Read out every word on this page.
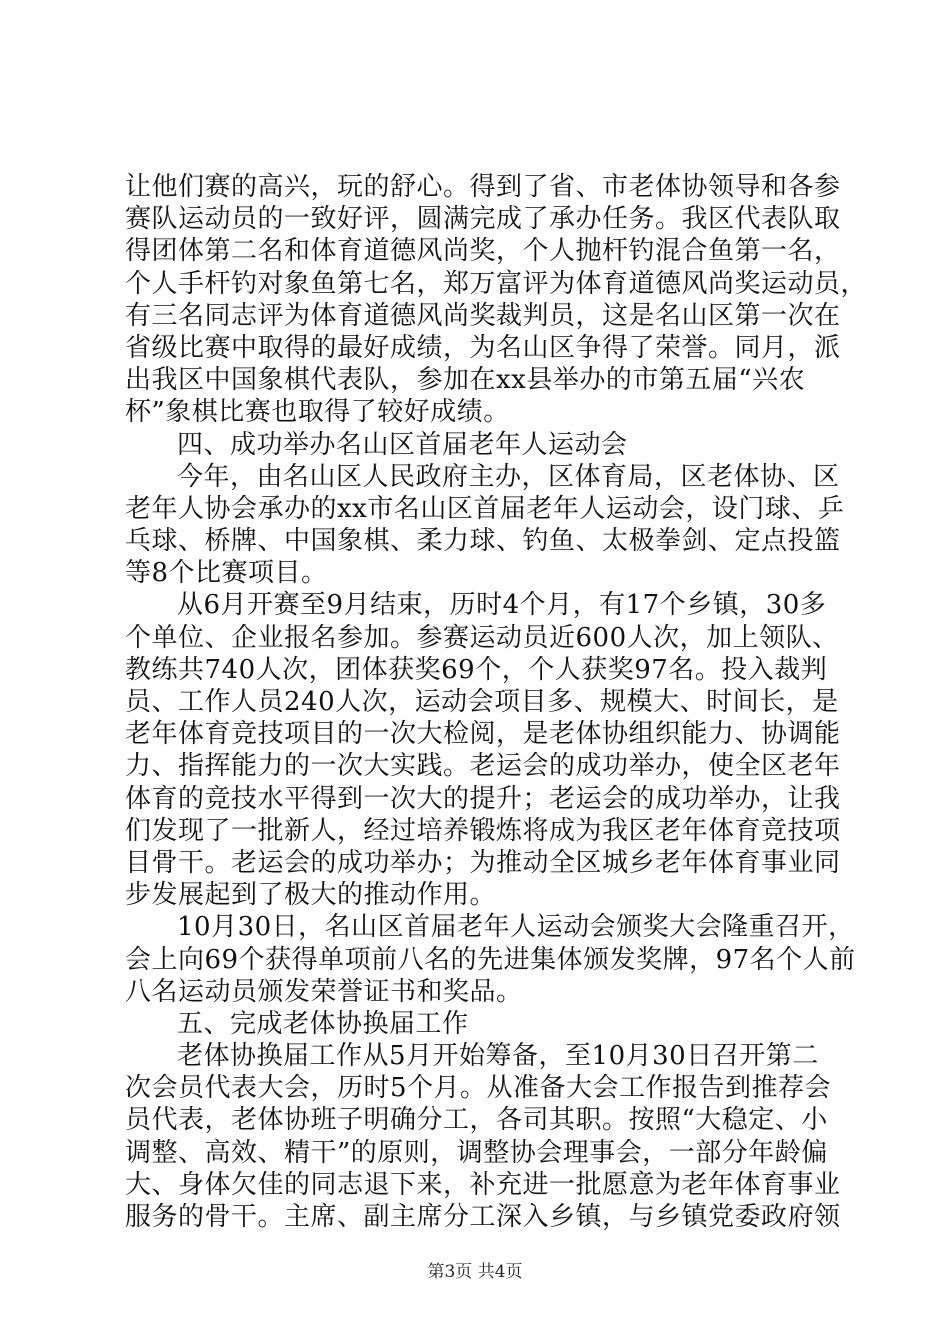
让他们赛的高兴，玩的舒心。得到了省、市老体协领导和各参
赛队运动员的一致好评，圆满完成了承办任务。我区代表队取
得团体第二名和体育道德风尚奖，个人抛杆钓混合鱼第一名，
个人手杆钓对象鱼第七名，郑万富评为体育道德风尚奖运动员，
有三名同志评为体育道德风尚奖裁判员，这是名山区第一次在
省级比赛中取得的最好成绩，为名山区争得了荣誉。同月，派
出我区中国象棋代表队，参加在xx县举办的市第五届“兴农
杯”象棋比赛也取得了较好成绩。
四、成功举办名山区首届老年人运动会
今年，由名山区人民政府主办，区体育局，区老体协、区
老年人协会承办的xx市名山区首届老年人运动会，设门球、乒
乓球、桥牌、中国象棋、柔力球、钓鱼、太极拳剑、定点投篮
等8个比赛项目。
从6月开赛至9月结束，历时4个月，有17个乡镇，30多
个单位、企业报名参加。参赛运动员近600人次，加上领队、
教练共740人次，团体获奖69个，个人获奖97名。投入裁判
员、工作人员240人次，运动会项目多、规模大、时间长，是
老年体育竞技项目的一次大检阅，是老体协组织能力、协调能
力、指挥能力的一次大实践。老运会的成功举办，使全区老年
体育的竞技水平得到一次大的提升；老运会的成功举办，让我
们发现了一批新人，经过培养锻炼将成为我区老年体育竞技项
目骨干。老运会的成功举办；为推动全区城乡老年体育事业同
步发展起到了极大的推动作用。
10月30日，名山区首届老年人运动会颁奖大会隆重召开，
会上向69个获得单项前八名的先进集体颁发奖牌，97名个人前
八名运动员颁发荣誉证书和奖品。
五、完成老体协换届工作
老体协换届工作从5月开始筹备，至10月30日召开第二
次会员代表大会，历时5个月。从准备大会工作报告到推荐会
员代表，老体协班子明确分工，各司其职。按照“大稳定、小
调整、高效、精干”的原则，调整协会理事会，一部分年龄偏
大、身体欠佳的同志退下来，补充进一批愿意为老年体育事业
服务的骨干。主席、副主席分工深入乡镇，与乡镇党委政府领
第3页 共4页
